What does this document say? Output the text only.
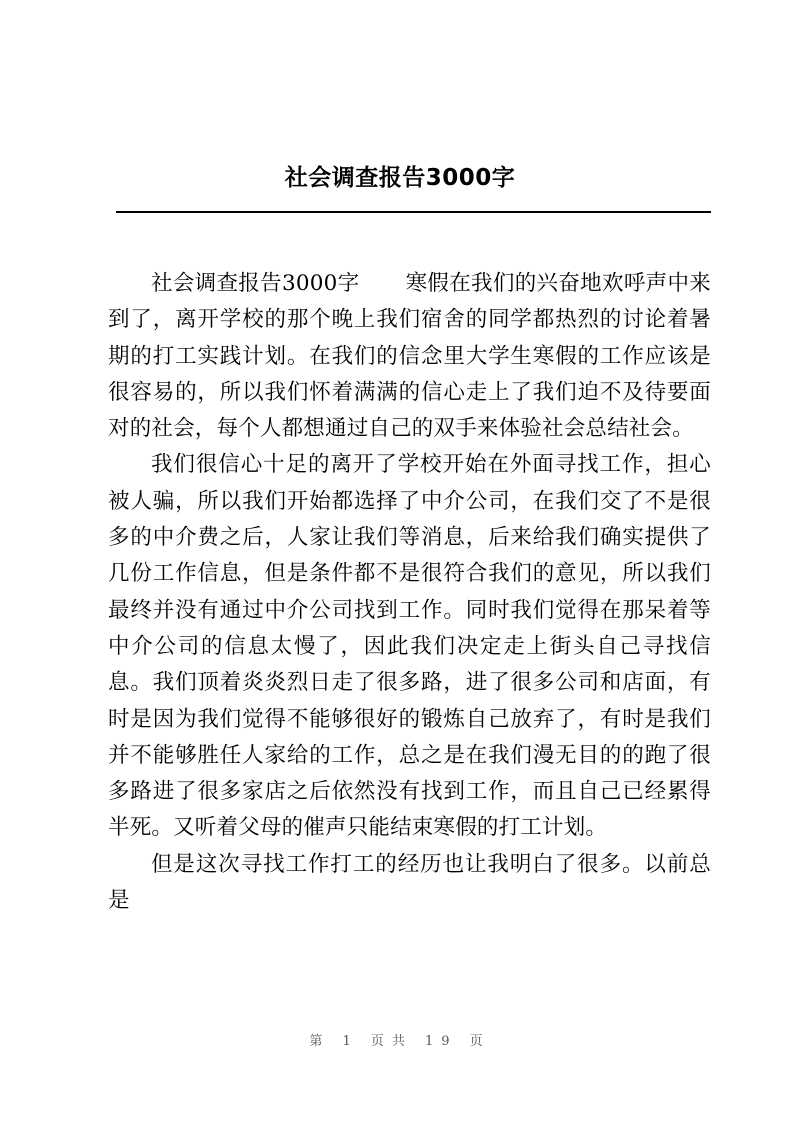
社会调查报告3000字

社会调查报告3000字 寒假在我们的兴奋地欢呼声中来到了，离开学校的那个晚上我们宿舍的同学都热烈的讨论着暑期的打工实践计划。在我们的信念里大学生寒假的工作应该是很容易的，所以我们怀着满满的信心走上了我们迫不及待要面对的社会，每个人都想通过自己的双手来体验社会总结社会。

我们很信心十足的离开了学校开始在外面寻找工作，担心被人骗，所以我们开始都选择了中介公司，在我们交了不是很多的中介费之后，人家让我们等消息，后来给我们确实提供了几份工作信息，但是条件都不是很符合我们的意见，所以我们最终并没有通过中介公司找到工作。同时我们觉得在那呆着等中介公司的信息太慢了，因此我们决定走上街头自己寻找信息。我们顶着炎炎烈日走了很多路，进了很多公司和店面，有时是因为我们觉得不能够很好的锻炼自己放弃了，有时是我们并不能够胜任人家给的工作，总之是在我们漫无目的的跑了很多路进了很多家店之后依然没有找到工作，而且自己已经累得半死。又听着父母的催声只能结束寒假的打工计划。

但是这次寻找工作打工的经历也让我明白了很多。以前总是

第 1 页共 19 页
